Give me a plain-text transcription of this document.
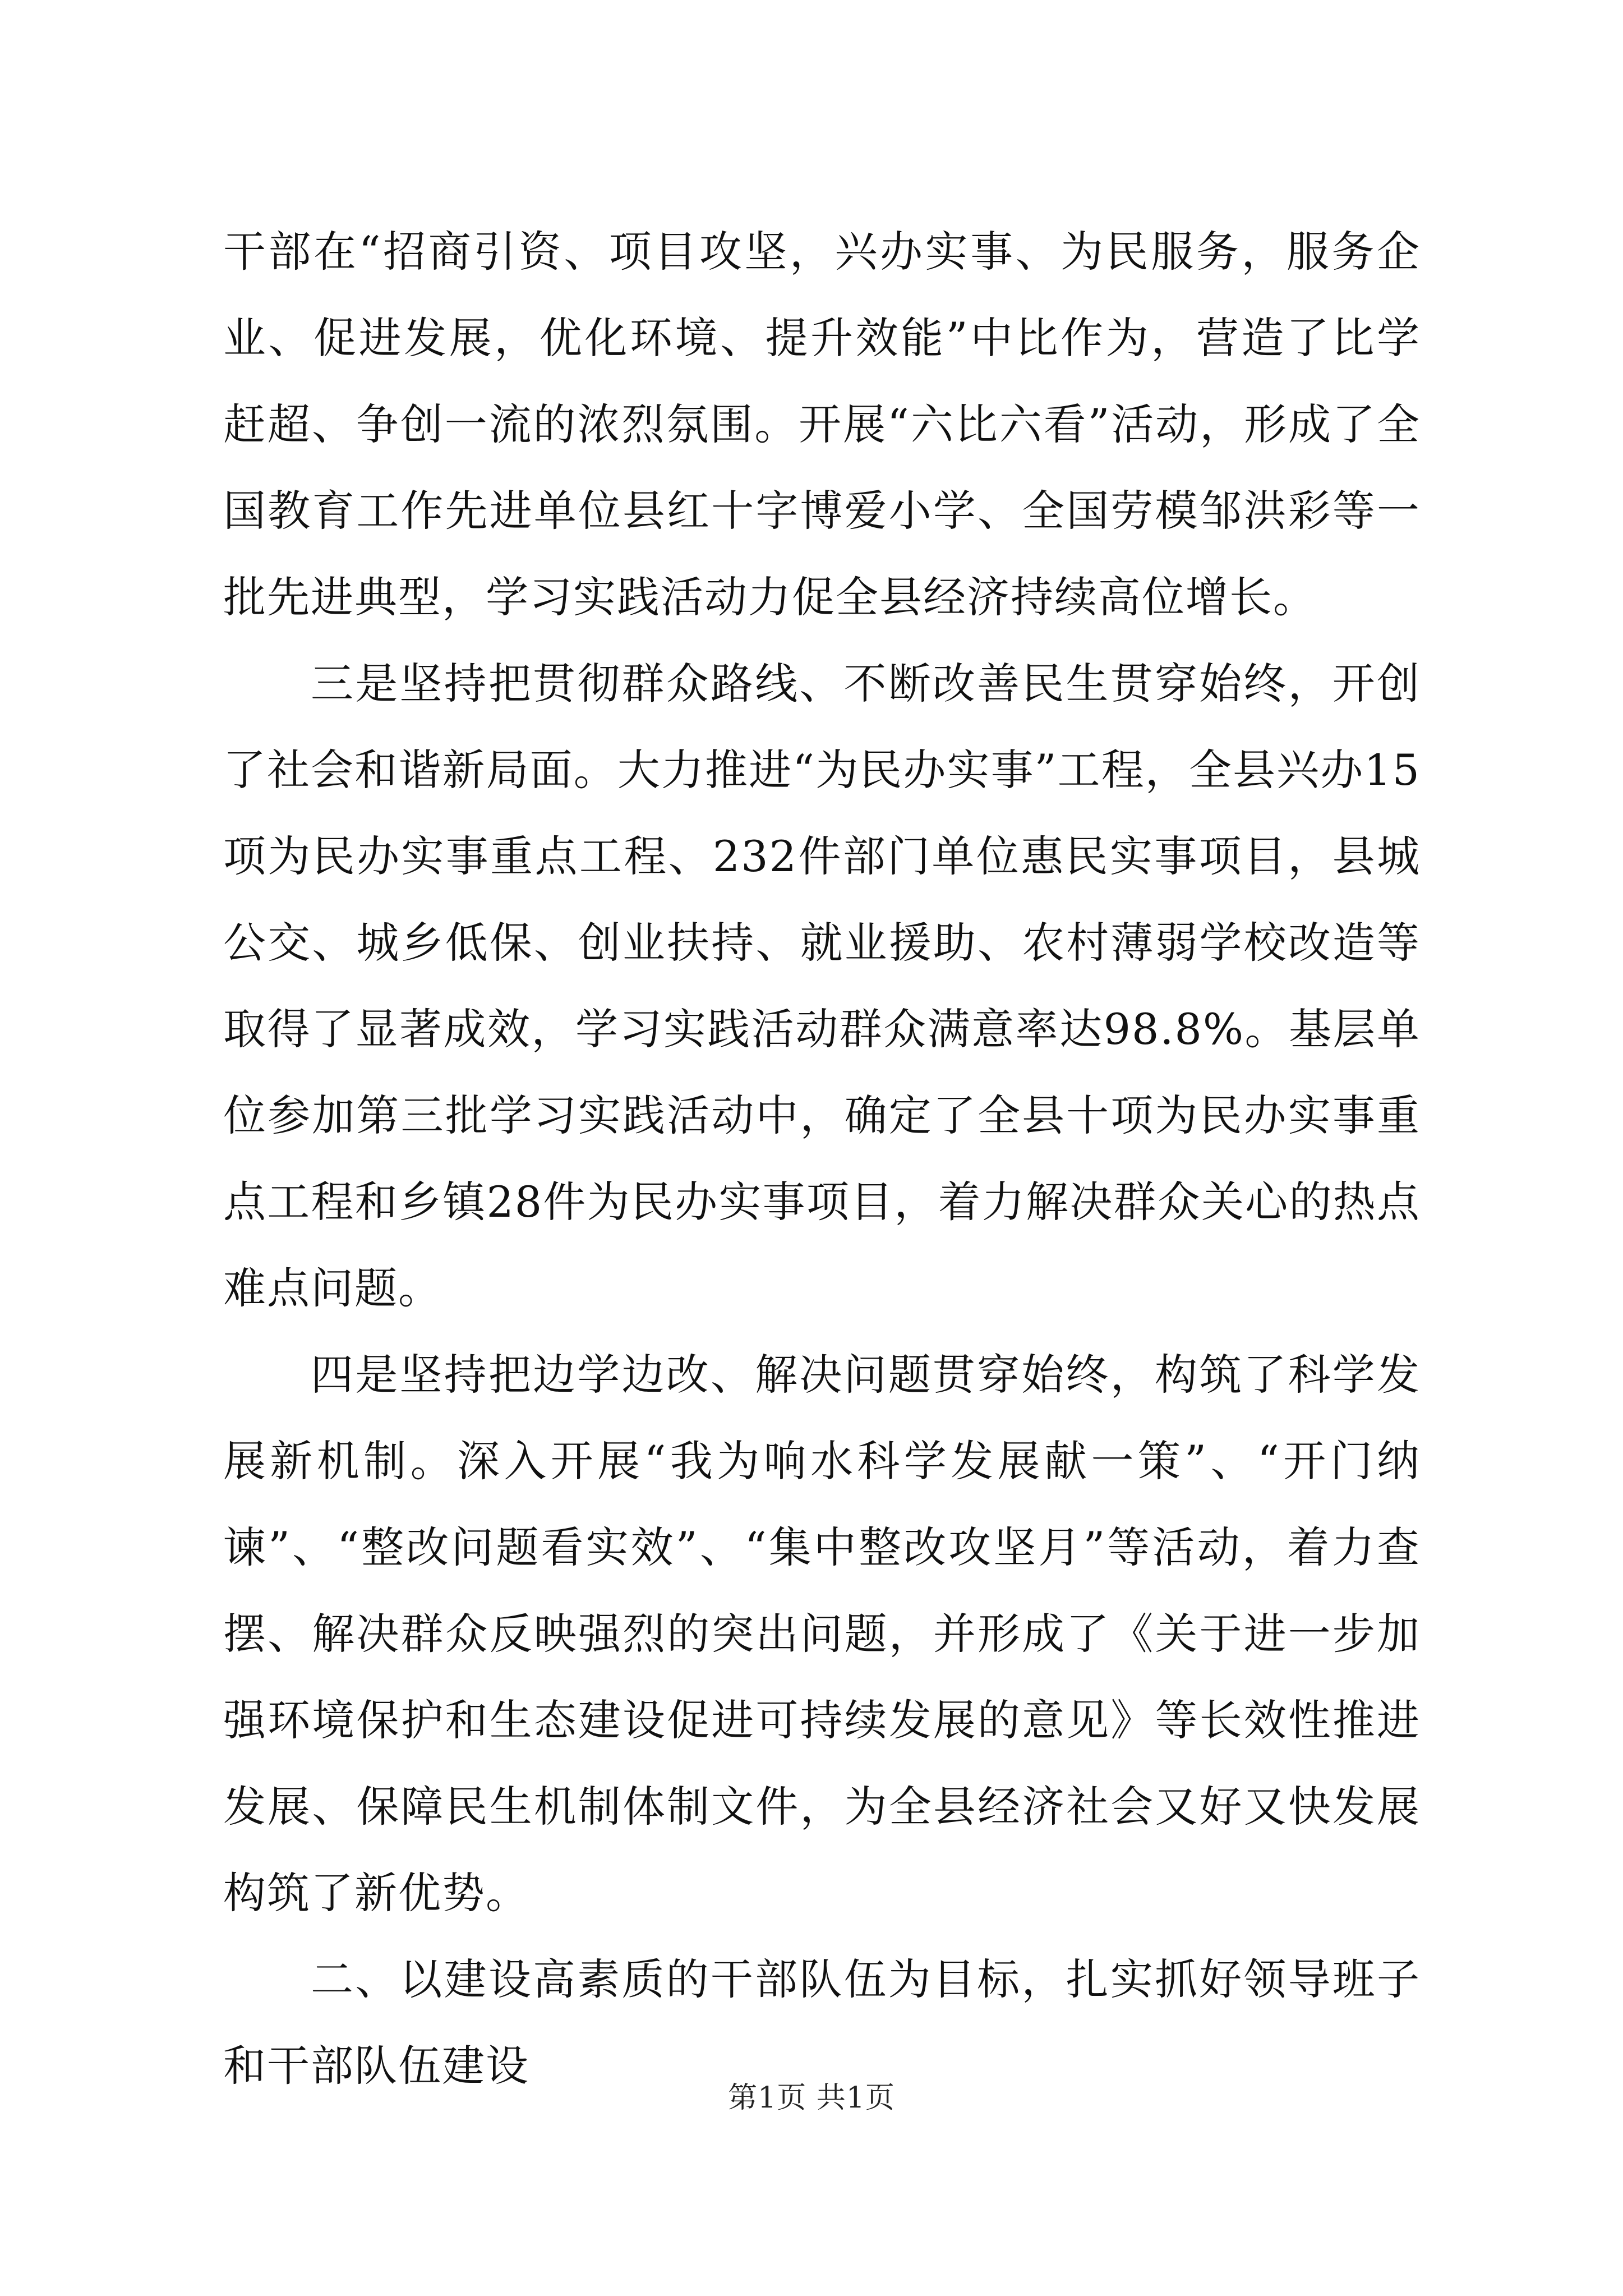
干部在“招商引资、项目攻坚，兴办实事、为民服务，服务企业、促进发展，优化环境、提升效能”中比作为，营造了比学赶超、争创一流的浓烈氛围。开展“六比六看”活动，形成了全国教育工作先进单位县红十字博爱小学、全国劳模邹洪彩等一批先进典型，学习实践活动力促全县经济持续高位增长。

三是坚持把贯彻群众路线、不断改善民生贯穿始终，开创了社会和谐新局面。大力推进“为民办实事”工程，全县兴办15项为民办实事重点工程、232件部门单位惠民实事项目，县城公交、城乡低保、创业扶持、就业援助、农村薄弱学校改造等取得了显著成效，学习实践活动群众满意率达98.8%。基层单位参加第三批学习实践活动中，确定了全县十项为民办实事重点工程和乡镇28件为民办实事项目，着力解决群众关心的热点难点问题。

四是坚持把边学边改、解决问题贯穿始终，构筑了科学发展新机制。深入开展“我为响水科学发展献一策”、“开门纳谏”、“整改问题看实效”、“集中整改攻坚月”等活动，着力查摆、解决群众反映强烈的突出问题，并形成了《关于进一步加强环境保护和生态建设促进可持续发展的意见》等长效性推进发展、保障民生机制体制文件，为全县经济社会又好又快发展构筑了新优势。

二、以建设高素质的干部队伍为目标，扎实抓好领导班子和干部队伍建设

第1页 共1页
